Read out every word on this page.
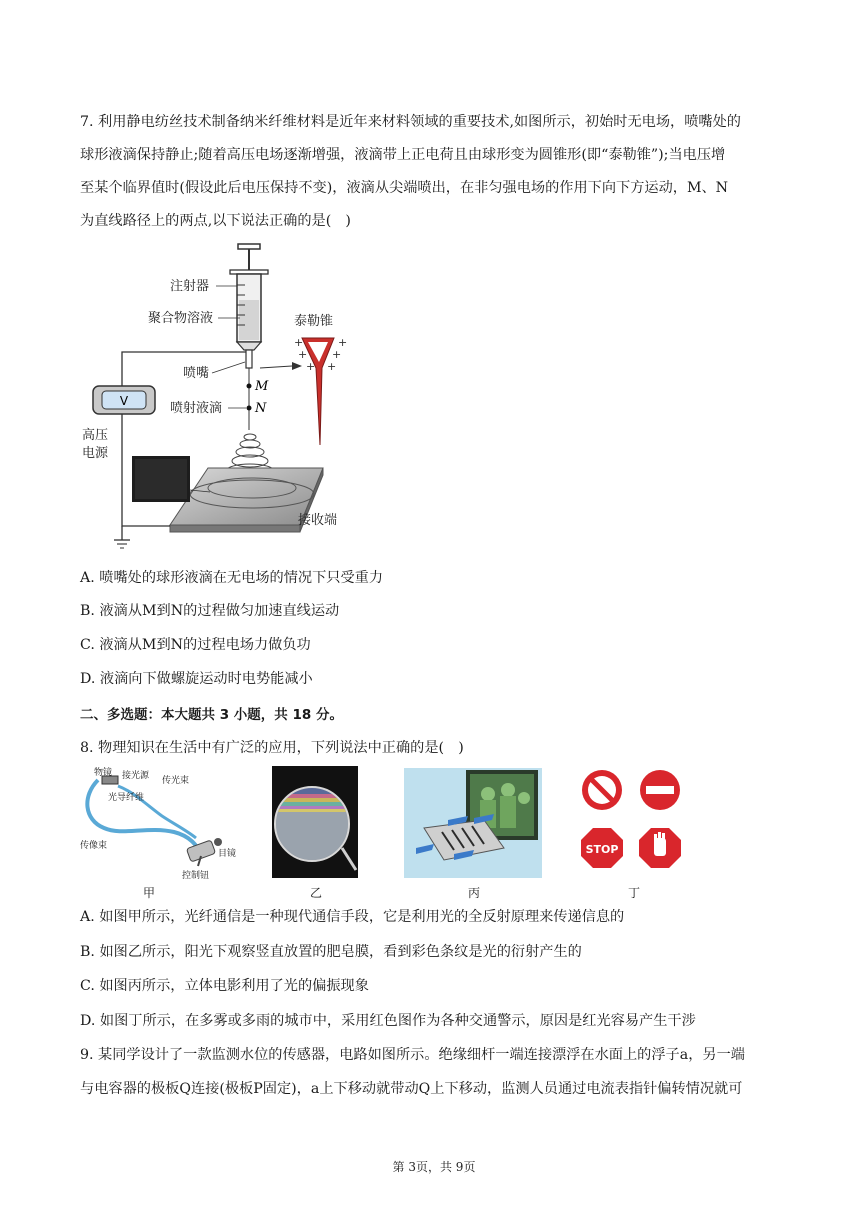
7. 利用静电纺丝技术制备纳米纤维材料是近年来材料领域的重要技术,如图所示，初始时无电场，喷嘴处的
球形液滴保持静止;随着高压电场逐渐增强，液滴带上正电荷且由球形变为圆锥形(即“泰勒锥”);当电压增
至某个临界值时(假设此后电压保持不变)，液滴从尖端喷出，在非匀强电场的作用下向下方运动，M、N
为直线路径上的两点,以下说法正确的是(　)
注射器
聚合物溶液
喷嘴
喷射液滴
M
N
接收端
V
高压
电源
泰勒锥
+	+
+ +
+ +
A. 喷嘴处的球形液滴在无电场的情况下只受重力
B. 液滴从M到N的过程做匀加速直线运动
C. 液滴从M到N的过程电场力做负功
D. 液滴向下做螺旋运动时电势能减小
二、多选题：本大题共 3 小题，共 18 分。
8. 物理知识在生活中有广泛的应用，下列说法中正确的是(　)
物镜 接光源 传光束
光导纤维
传像束
目镜
控制钮
STOP
甲	乙	丙	丁
A. 如图甲所示，光纤通信是一种现代通信手段，它是利用光的全反射原理来传递信息的
B. 如图乙所示，阳光下观察竖直放置的肥皂膜，看到彩色条纹是光的衍射产生的
C. 如图丙所示，立体电影利用了光的偏振现象
D. 如图丁所示，在多雾或多雨的城市中，采用红色图作为各种交通警示，原因是红光容易产生干涉
9. 某同学设计了一款监测水位的传感器，电路如图所示。绝缘细杆一端连接漂浮在水面上的浮子a，另一端
与电容器的极板Q连接(极板P固定)，a上下移动就带动Q上下移动，监测人员通过电流表指针偏转情况就可
第 3页，共 9页
